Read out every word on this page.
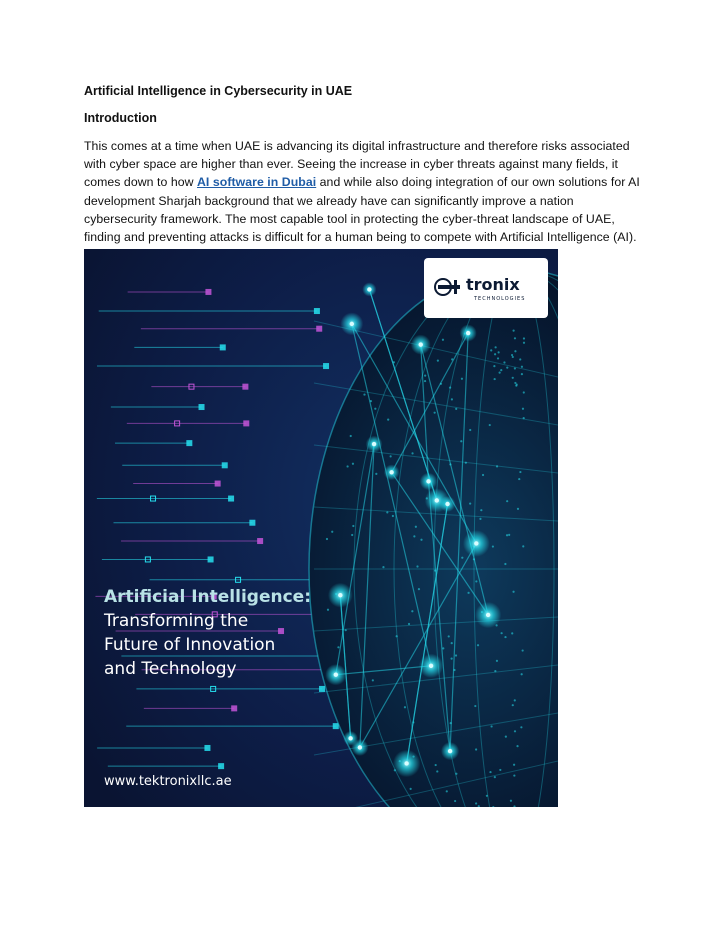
Artificial Intelligence in Cybersecurity in UAE

Introduction

This comes at a time when UAE is advancing its digital infrastructure and therefore risks associated with cyber space are higher than ever. Seeing the increase in cyber threats against many fields, it comes down to how AI software in Dubai and while also doing integration of our own solutions for AI development Sharjah background that we already have can significantly improve a nation cybersecurity framework. The most capable tool in protecting the cyber-threat landscape of UAE, finding and preventing attacks is difficult for a human being to compete with Artificial Intelligence (AI).

tronix
TECHNOLOGIES
Artificial Intelligence:
Transforming the
Future of Innovation
and Technology
www.tektronixllc.ae
